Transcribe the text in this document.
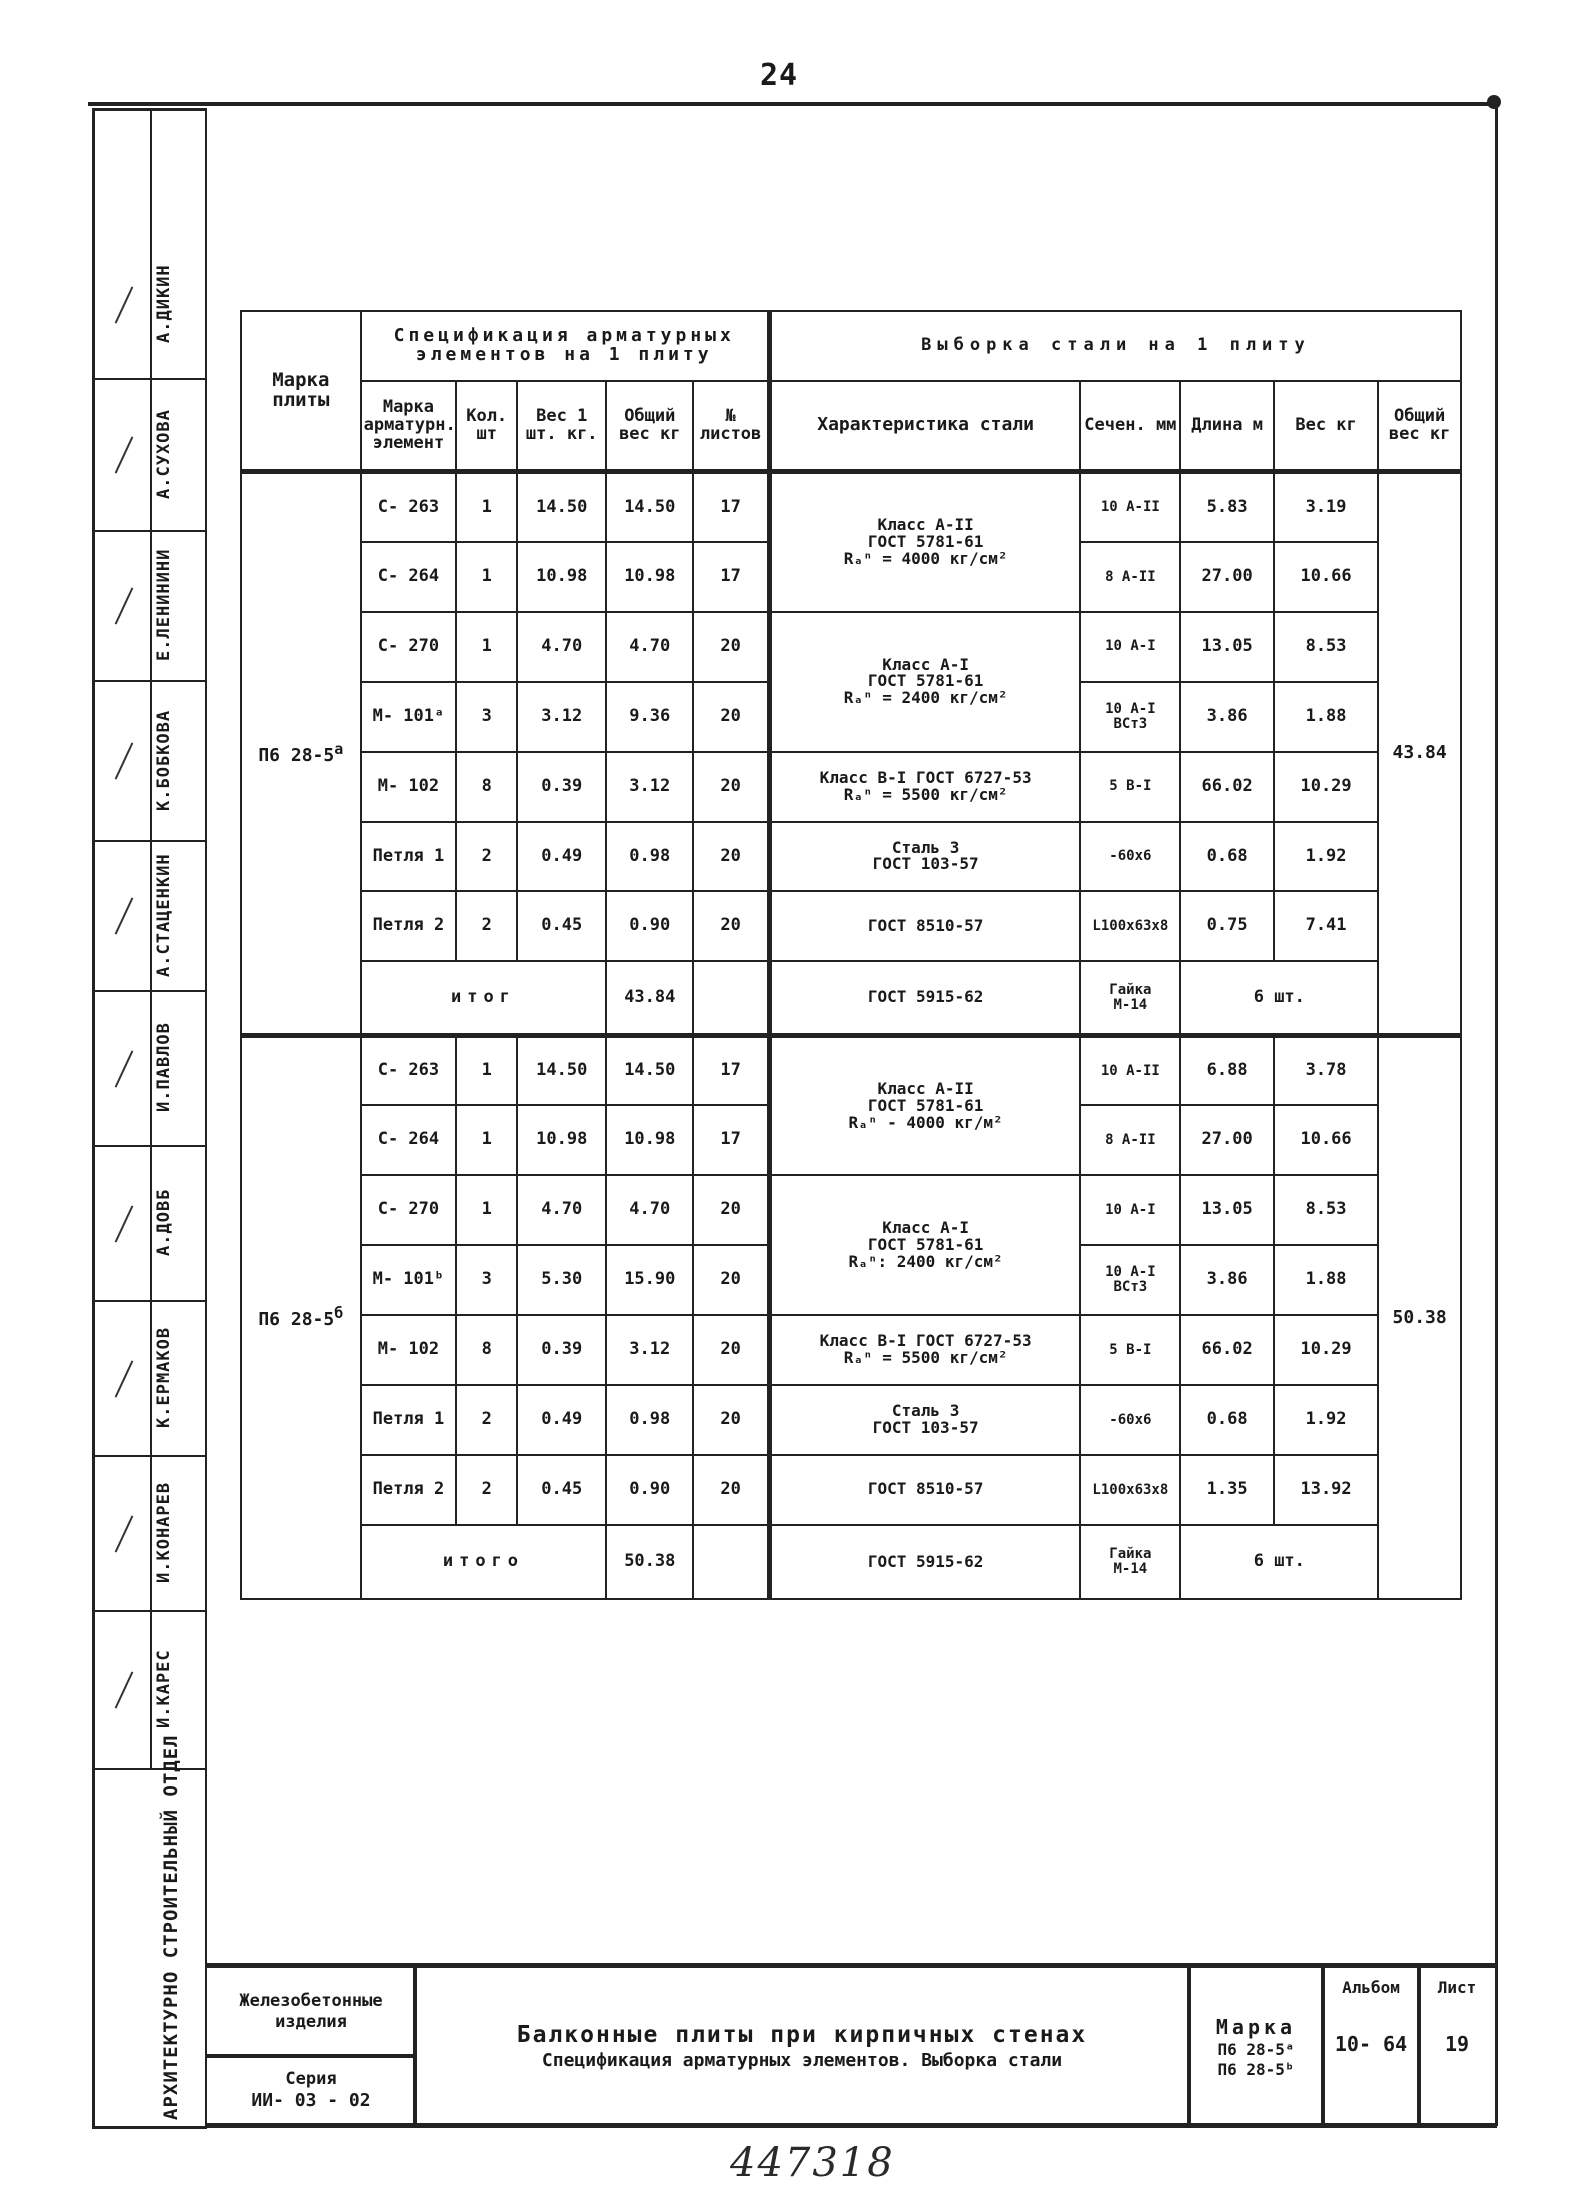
24
А.ДИКИН
А.СУХОВА
Е.ЛЕНИНИНИ
К.БОБКОВА
А.СТАЦЕНКИН
И.ПАВЛОВ
А.ДОВБ
К.ЕРМАКОВ
И.КОНАРЕВ
И.КАРЕС
АРХИТЕКТУРНО СТРОИТЕЛЬНЫЙ ОТДЕЛ
Марка плиты	Спецификация арматурных элементов на 1 плиту					Выборка стали на 1 плиту				
	Марка арматурн. элемент	Кол. шт	Вес 1 шт. кг.	Общий вес кг	№ листов	Характеристика стали	Сечен. мм	Длина м	Вес кг	Общий вес кг
П6 $28-5^а$	С- 263	1	14.50	14.50	17	Класс А-II
ГОСТ 5781-61
Rₐⁿ = 4000 кг/см²	10 А-II	5.83	3.19	43.84
	С- 264	1	10.98	10.98	17		8 А-II	27.00	10.66	
	С- 270	1	4.70	4.70	20	Класс А-I
ГОСТ 5781-61
Rₐⁿ = 2400 кг/см²	10 А-I	13.05	8.53	
	М- 101ᵃ	3	3.12	9.36	20		10 А-I
ВСт3	3.86	1.88	
	М- 102	8	0.39	3.12	20	Класс В-I ГОСТ 6727-53
Rₐⁿ = 5500 кг/см²	5 В-I	66.02	10.29	
	Петля 1	2	0.49	0.98	20	Сталь 3
ГОСТ 103-57	-60х6	0.68	1.92	
	Петля 2	2	0.45	0.90	20	ГОСТ 8510-57	L100х63х8	0.75	7.41	
	итог			43.84		ГОСТ 5915-62	Гайка
М-14	6 шт.		
П6 $28-5^б$	С- 263	1	14.50	14.50	17	Класс А-II
ГОСТ 5781-61
Rₐⁿ - 4000 кг/м²	10 А-II	6.88	3.78	50.38
	С- 264	1	10.98	10.98	17		8 А-II	27.00	10.66	
	С- 270	1	4.70	4.70	20	Класс А-I
ГОСТ 5781-61
Rₐⁿ: 2400 кг/см²	10 А-I	13.05	8.53	
	М- 101ᵇ	3	5.30	15.90	20		10 А-I
ВСт3	3.86	1.88	
	М- 102	8	0.39	3.12	20	Класс В-I ГОСТ 6727-53
Rₐⁿ = 5500 кг/см²	5 В-I	66.02	10.29	
	Петля 1	2	0.49	0.98	20	Сталь 3
ГОСТ 103-57	-60х6	0.68	1.92	
	Петля 2	2	0.45	0.90	20	ГОСТ 8510-57	L100х63х8	1.35	13.92	
	итого			50.38		ГОСТ 5915-62	Гайка
М-14	6 шт.		
Железобетонные изделия
Серия
ИИ- 03 - 02
Балконные плиты при кирпичных стенах
Спецификация арматурных элементов. Выборка стали
Марка
П6 28-5ᵃ
П6 28-5ᵇ
Альбом
10- 64
Лист
19
447318
